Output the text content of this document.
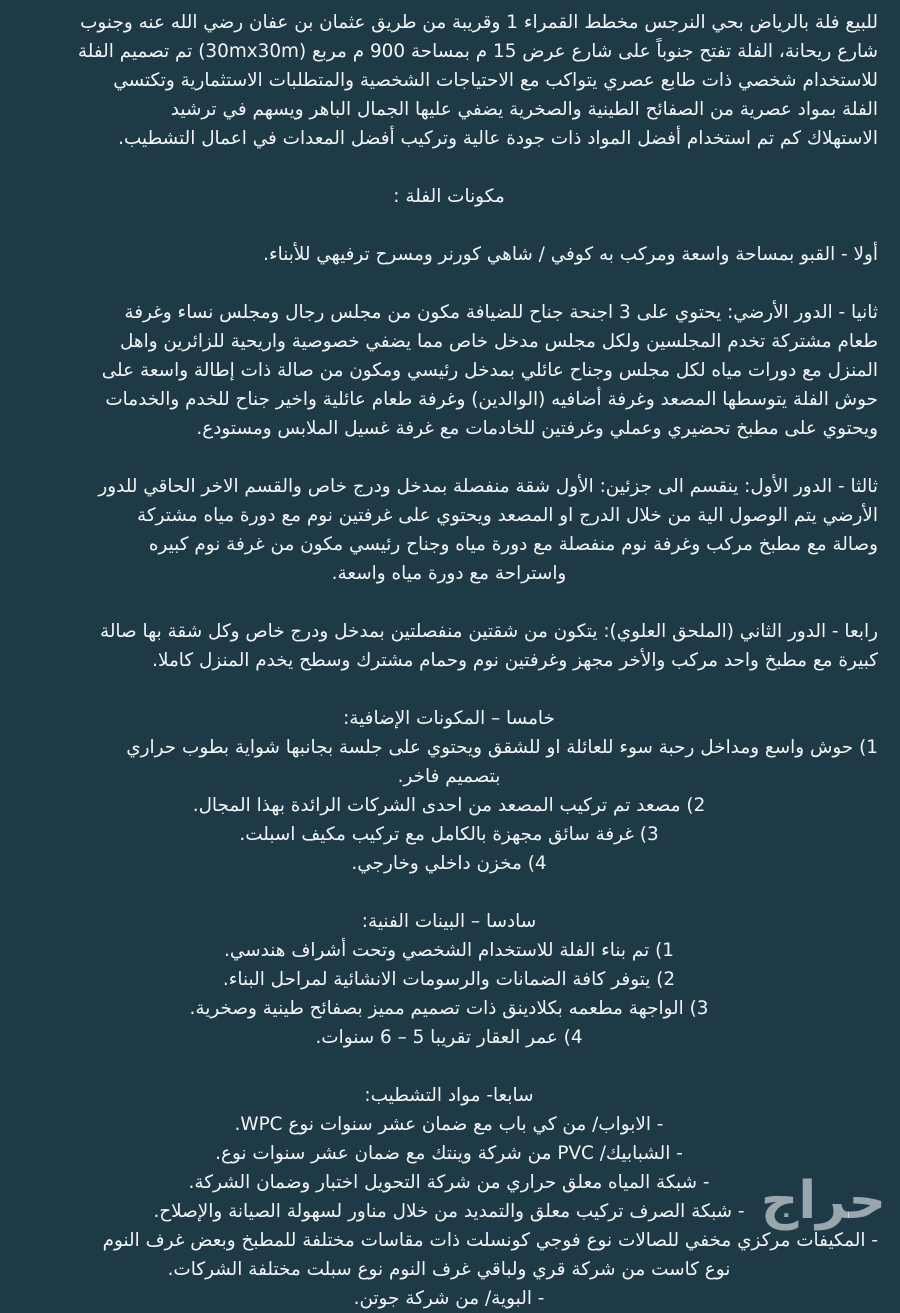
للبيع فلة بالرياض بحي النرجس مخطط القمراء 1 وقريبة من طريق عثمان بن عفان رضي الله عنه وجنوب
شارع ريحانة، الفلة تفتح جنوباً على شارع عرض 15 م بمساحة 900 م مربع (30mx30m) تم تصميم الفلة
للاستخدام شخصي ذات طابع عصري يتواكب مع الاحتياجات الشخصية والمتطلبات الاستثمارية وتكتسي
الفلة بمواد عصرية من الصفائح الطينية والصخرية يضفي عليها الجمال الباهر ويسهم في ترشيد
الاستهلاك كم تم استخدام أفضل المواد ذات جودة عالية وتركيب أفضل المعدات في اعمال التشطيب.
مكونات الفلة :
أولا - القبو بمساحة واسعة ومركب به كوفي / شاهي كورنر ومسرح ترفيهي للأبناء.
ثانيا - الدور الأرضي: يحتوي على 3 اجنحة جناح للضيافة مكون من مجلس رجال ومجلس نساء وغرفة
طعام مشتركة تخدم المجلسين ولكل مجلس مدخل خاص مما يضفي خصوصية واريحية للزائرين واهل
المنزل مع دورات مياه لكل مجلس وجناح عائلي بمدخل رئيسي ومكون من صالة ذات إطالة واسعة على
حوش الفلة يتوسطها المصعد وغرفة أضافيه (الوالدين) وغرفة طعام عائلية واخير جناح للخدم والخدمات
ويحتوي على مطبخ تحضيري وعملي وغرفتين للخادمات مع غرفة غسيل الملابس ومستودع.
ثالثا - الدور الأول: ينقسم الى جزئين: الأول شقة منفصلة بمدخل ودرج خاص والقسم الاخر الحاقي للدور
الأرضي يتم الوصول الية من خلال الدرج او المصعد ويحتوي على غرفتين نوم مع دورة مياه مشتركة
وصالة مع مطبخ مركب وغرفة نوم منفصلة مع دورة مياه وجناح رئيسي مكون من غرفة نوم كبيره
واستراحة مع دورة مياه واسعة.
رابعا - الدور الثاني (الملحق العلوي): يتكون من شقتين منفصلتين بمدخل ودرج خاص وكل شقة بها صالة
كبيرة مع مطبخ واحد مركب والأخر مجهز وغرفتين نوم وحمام مشترك وسطح يخدم المنزل كاملا.
خامسا – المكونات الإضافية:
1) حوش واسع ومداخل رحبة سوء للعائلة او للشقق ويحتوي على جلسة بجانبها شواية بطوب حراري
بتصميم فاخر.
2) مصعد تم تركيب المصعد من احدى الشركات الرائدة بهذا المجال.
3) غرفة سائق مجهزة بالكامل مع تركيب مكيف اسبلت.
4) مخزن داخلي وخارجي.
سادسا – البينات الفنية:
1) تم بناء الفلة للاستخدام الشخصي وتحت أشراف هندسي.
2) يتوفر كافة الضمانات والرسومات الانشائية لمراحل البناء.
3) الواجهة مطعمه بكلادينق ذات تصميم مميز بصفائح طينية وصخرية.
4) عمر العقار تقريبا 5 – 6 سنوات.
سابعا- مواد التشطيب:
- الابواب/ من كي باب مع ضمان عشر سنوات نوع WPC.
- الشبابيك/ PVC من شركة وينتك مع ضمان عشر سنوات نوع.
- شبكة المياه معلق حراري من شركة التحويل اختبار وضمان الشركة.
- شبكة الصرف تركيب معلق والتمديد من خلال مناور لسهولة الصيانة والإصلاح.
- المكيفات مركزي مخفي للصالات نوع فوجي كونسلت ذات مقاسات مختلفة للمطبخ وبعض غرف النوم
نوع كاست من شركة قري ولباقي غرف النوم نوع سبلت مختلفة الشركات.
- البوية/ من شركة جوتن.
حراج
